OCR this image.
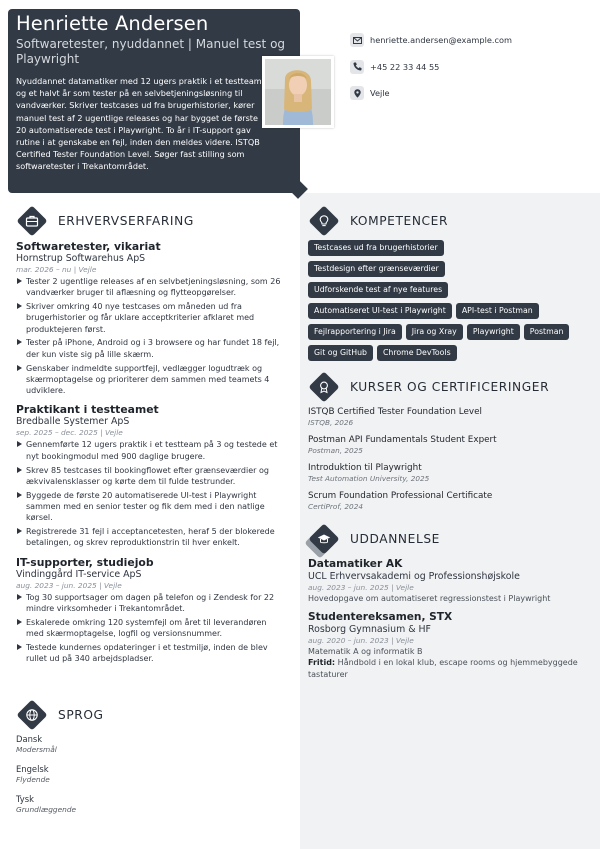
Henriette Andersen
Softwaretester, nyuddannet | Manuel test og Playwright
Nyuddannet datamatiker med 12 ugers praktik i et testteam og et halvt år som tester på en selvbetjeningsløsning til vandværker. Skriver testcases ud fra brugerhistorier, kører manuel test af 2 ugentlige releases og har bygget de første 20 automatiserede test i Playwright. To år i IT-support gav rutine i at genskabe en fejl, inden den meldes videre. ISTQB Certified Tester Foundation Level. Søger fast stilling som softwaretester i Trekantområdet.
henriette.andersen@example.com
+45 22 33 44 55
Vejle
ERHVERVSERFARING
Softwaretester, vikariat
Hornstrup Softwarehus ApS
mar. 2026 – nu | Vejle
Tester 2 ugentlige releases af en selvbetjeningsløsning, som 26 vandværker bruger til aflæsning og flytteopgørelser.
Skriver omkring 40 nye testcases om måneden ud fra brugerhistorier og får uklare acceptkriterier afklaret med produktejeren først.
Tester på iPhone, Android og i 3 browsere og har fundet 18 fejl, der kun viste sig på lille skærm.
Genskaber indmeldte supportfejl, vedlægger logudtræk og skærmoptagelse og prioriterer dem sammen med teamets 4 udviklere.
Praktikant i testteamet
Bredballe Systemer ApS
sep. 2025 – dec. 2025 | Vejle
Gennemførte 12 ugers praktik i et testteam på 3 og testede et nyt bookingmodul med 900 daglige brugere.
Skrev 85 testcases til bookingflowet efter grænseværdier og ækvivalensklasser og kørte dem til fulde testrunder.
Byggede de første 20 automatiserede UI-test i Playwright sammen med en senior tester og fik dem med i den natlige kørsel.
Registrerede 31 fejl i acceptancetesten, heraf 5 der blokerede betalingen, og skrev reproduktionstrin til hver enkelt.
IT-supporter, studiejob
Vindinggård IT-service ApS
aug. 2023 – jun. 2025 | Vejle
Tog 30 supportsager om dagen på telefon og i Zendesk for 22 mindre virksomheder i Trekantområdet.
Eskalerede omkring 120 systemfejl om året til leverandøren med skærmoptagelse, logfil og versionsnummer.
Testede kundernes opdateringer i et testmiljø, inden de blev rullet ud på 340 arbejdspladser.
SPROG
Dansk
Modersmål
Engelsk
Flydende
Tysk
Grundlæggende
KOMPETENCER
Testcases ud fra brugerhistorier
Testdesign efter grænseværdier
Udforskende test af nye features
Automatiseret UI-test i Playwright	API-test i Postman
Fejlrapportering i Jira	Jira og Xray	Playwright	Postman
Git og GitHub	Chrome DevTools
KURSER OG CERTIFICERINGER
ISTQB Certified Tester Foundation Level
ISTQB, 2026
Postman API Fundamentals Student Expert
Postman, 2025
Introduktion til Playwright
Test Automation University, 2025
Scrum Foundation Professional Certificate
CertiProf, 2024
UDDANNELSE
Datamatiker AK
UCL Erhvervsakademi og Professionshøjskole
aug. 2023 – jun. 2025 | Vejle
Hovedopgave om automatiseret regressionstest i Playwright
Studentereksamen, STX
Rosborg Gymnasium & HF
aug. 2020 – jun. 2023 | Vejle
Matematik A og informatik B
Fritid: Håndbold i en lokal klub, escape rooms og hjemmebyggede tastaturer
